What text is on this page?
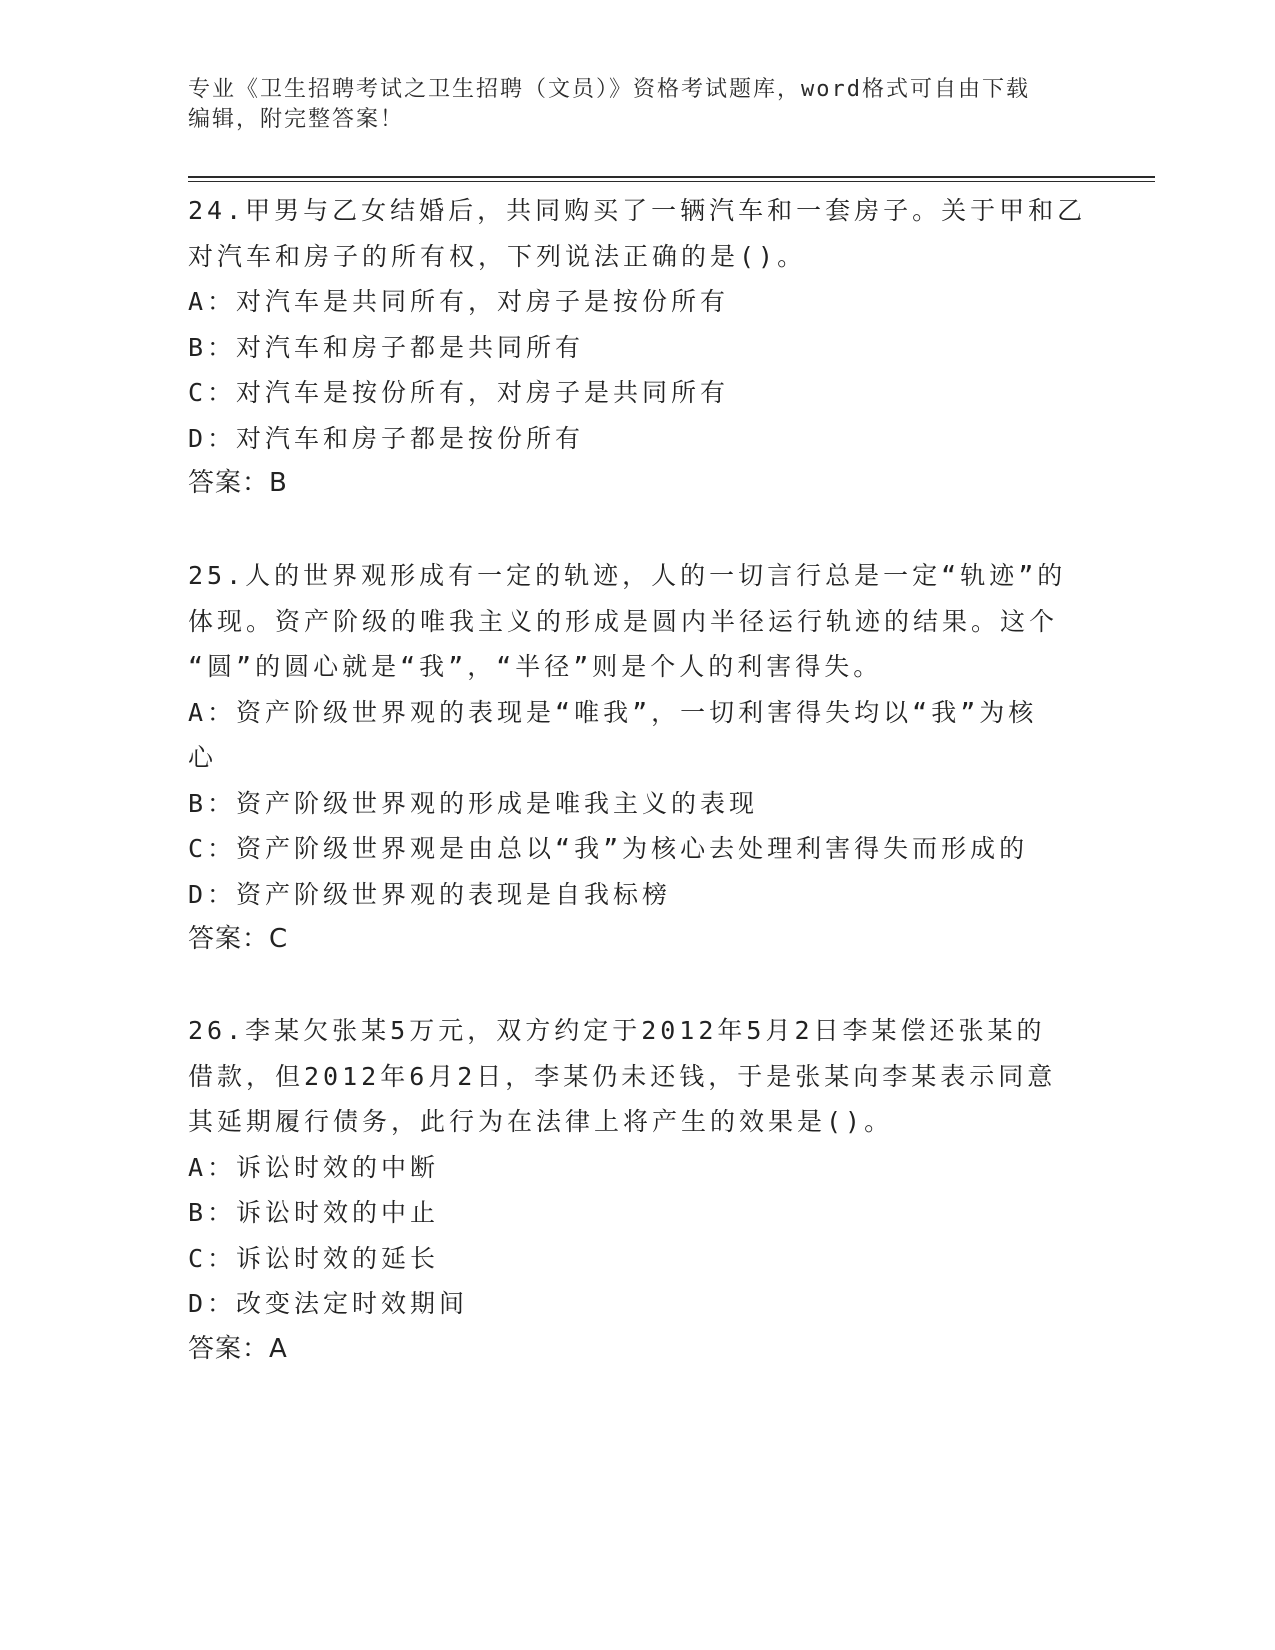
专业《卫生招聘考试之卫生招聘（文员）》资格考试题库，word格式可自由下载
编辑，附完整答案！

24.甲男与乙女结婚后，共同购买了一辆汽车和一套房子。关于甲和乙

对汽车和房子的所有权，下列说法正确的是()。

A：对汽车是共同所有，对房子是按份所有

B：对汽车和房子都是共同所有

C：对汽车是按份所有，对房子是共同所有

D：对汽车和房子都是按份所有

答案：B

25.人的世界观形成有一定的轨迹，人的一切言行总是一定“轨迹”的

体现。资产阶级的唯我主义的形成是圆内半径运行轨迹的结果。这个

“圆”的圆心就是“我”，“半径”则是个人的利害得失。

A：资产阶级世界观的表现是“唯我”，一切利害得失均以“我”为核

心

B：资产阶级世界观的形成是唯我主义的表现

C：资产阶级世界观是由总以“我”为核心去处理利害得失而形成的

D：资产阶级世界观的表现是自我标榜

答案：C

26.李某欠张某5万元，双方约定于2012年5月2日李某偿还张某的

借款，但2012年6月2日，李某仍未还钱，于是张某向李某表示同意

其延期履行债务，此行为在法律上将产生的效果是()。

A：诉讼时效的中断

B：诉讼时效的中止

C：诉讼时效的延长

D：改变法定时效期间

答案：A
